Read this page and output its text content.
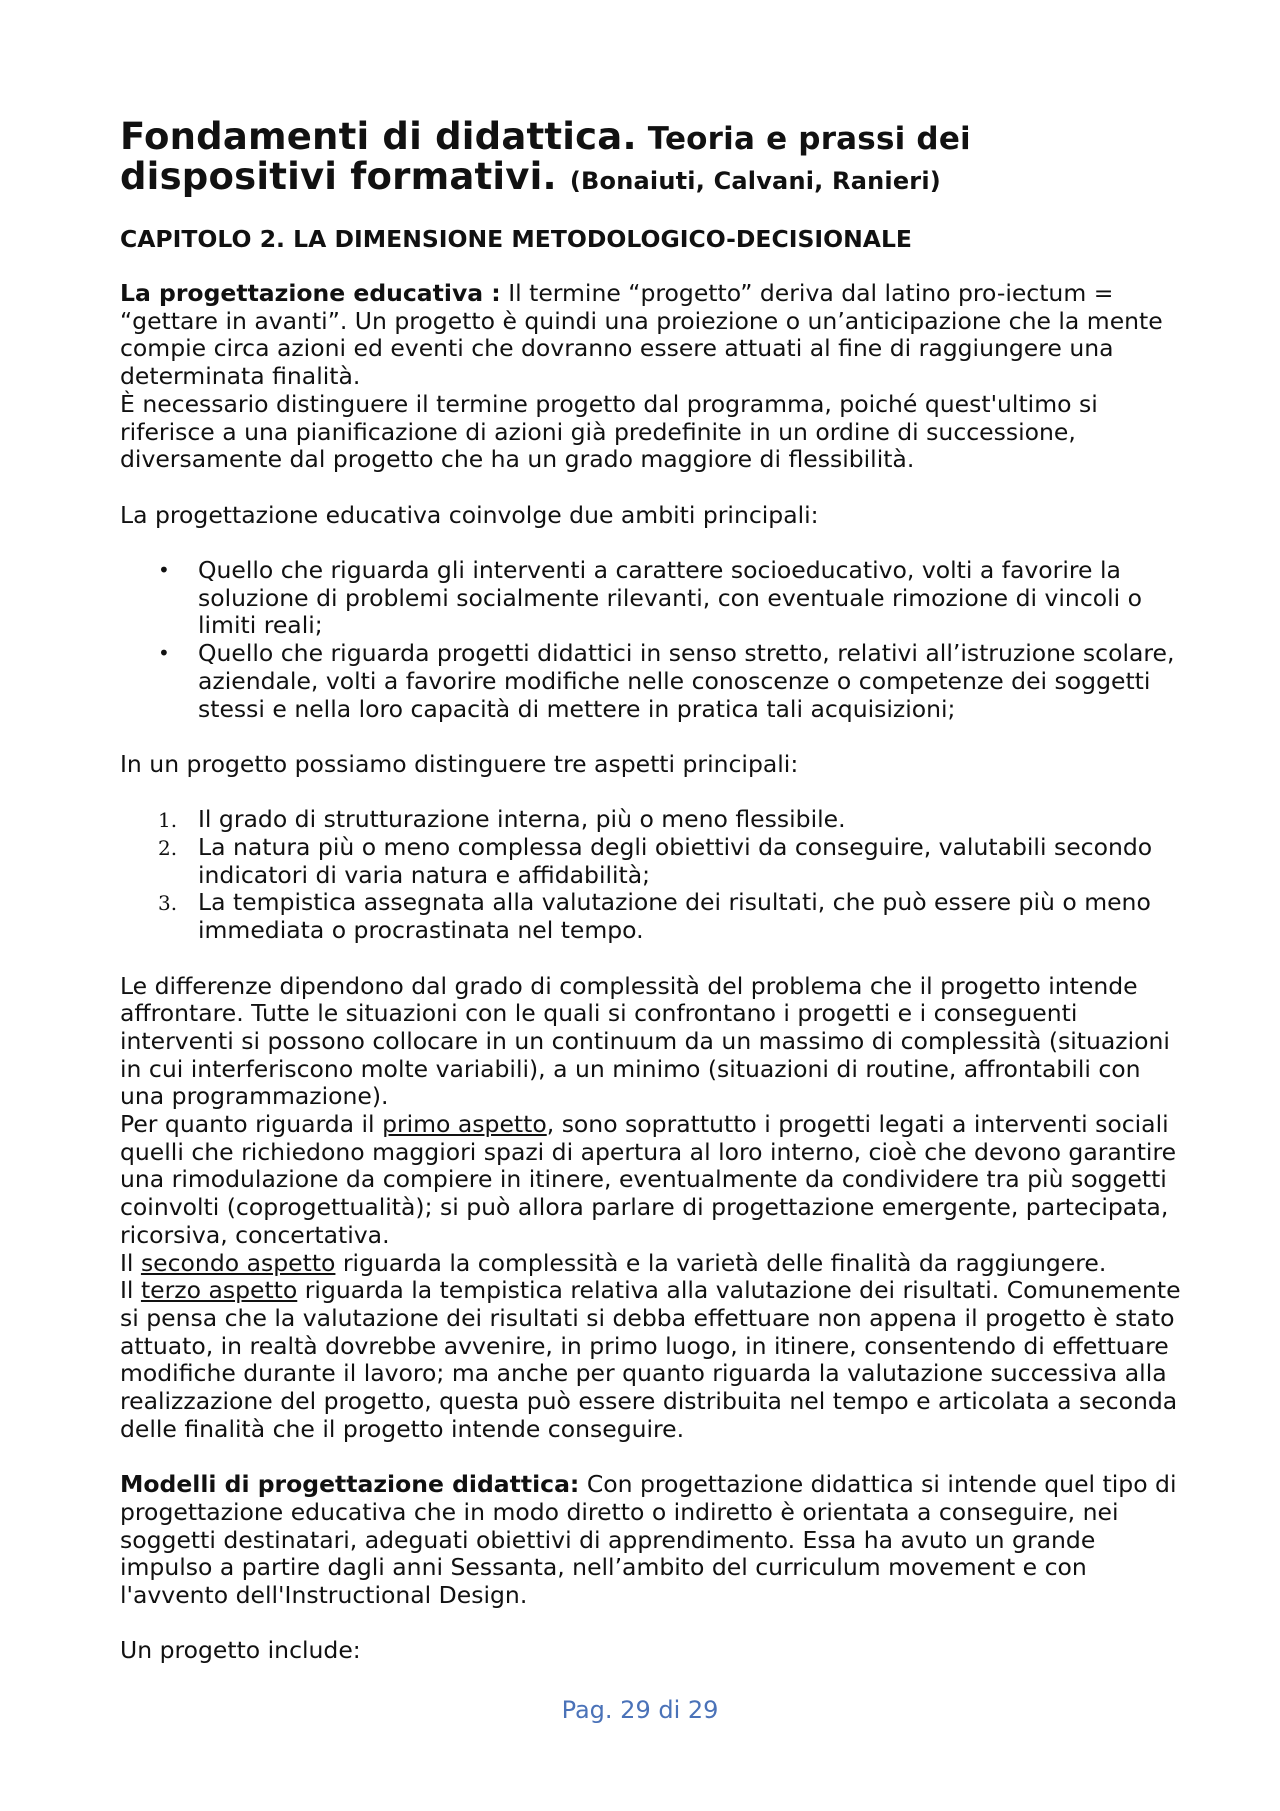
Fondamenti di didattica. Teoria e prassi dei
dispositivi formativi. (Bonaiuti, Calvani, Ranieri)
CAPITOLO 2. LA DIMENSIONE METODOLOGICO-DECISIONALE

La progettazione educativa : Il termine “progetto” deriva dal latino pro-iectum = “gettare in avanti”. Un progetto è quindi una proiezione o un’anticipazione che la mente compie circa azioni ed eventi che dovranno essere attuati al fine di raggiungere una determinata finalità.

È necessario distinguere il termine progetto dal programma, poiché quest'ultimo si riferisce a una pianificazione di azioni già predefinite in un ordine di successione, diversamente dal progetto che ha un grado maggiore di flessibilità.

La progettazione educativa coinvolge due ambiti principali:

• Quello che riguarda gli interventi a carattere socioeducativo, volti a favorire la soluzione di problemi socialmente rilevanti, con eventuale rimozione di vincoli o limiti reali;
• Quello che riguarda progetti didattici in senso stretto, relativi all’istruzione scolare, aziendale, volti a favorire modifiche nelle conoscenze o competenze dei soggetti stessi e nella loro capacità di mettere in pratica tali acquisizioni;

In un progetto possiamo distinguere tre aspetti principali:

1. Il grado di strutturazione interna, più o meno flessibile.
2. La natura più o meno complessa degli obiettivi da conseguire, valutabili secondo indicatori di varia natura e affidabilità;
3. La tempistica assegnata alla valutazione dei risultati, che può essere più o meno immediata o procrastinata nel tempo.

Le differenze dipendono dal grado di complessità del problema che il progetto intende affrontare. Tutte le situazioni con le quali si confrontano i progetti e i conseguenti interventi si possono collocare in un continuum da un massimo di complessità (situazioni in cui interferiscono molte variabili), a un minimo (situazioni di routine, affrontabili con una programmazione).

Per quanto riguarda il primo aspetto, sono soprattutto i progetti legati a interventi sociali quelli che richiedono maggiori spazi di apertura al loro interno, cioè che devono garantire una rimodulazione da compiere in itinere, eventualmente da condividere tra più soggetti coinvolti (coprogettualità); si può allora parlare di progettazione emergente, partecipata, ricorsiva, concertativa.

Il secondo aspetto riguarda la complessità e la varietà delle finalità da raggiungere.

Il terzo aspetto riguarda la tempistica relativa alla valutazione dei risultati. Comunemente si pensa che la valutazione dei risultati si debba effettuare non appena il progetto è stato attuato, in realtà dovrebbe avvenire, in primo luogo, in itinere, consentendo di effettuare modifiche durante il lavoro; ma anche per quanto riguarda la valutazione successiva alla realizzazione del progetto, questa può essere distribuita nel tempo e articolata a seconda delle finalità che il progetto intende conseguire.

Modelli di progettazione didattica: Con progettazione didattica si intende quel tipo di progettazione educativa che in modo diretto o indiretto è orientata a conseguire, nei soggetti destinatari, adeguati obiettivi di apprendimento. Essa ha avuto un grande impulso a partire dagli anni Sessanta, nell’ambito del curriculum movement e con l'avvento dell'Instructional Design.

Un progetto include:

Pag. 29 di 29
